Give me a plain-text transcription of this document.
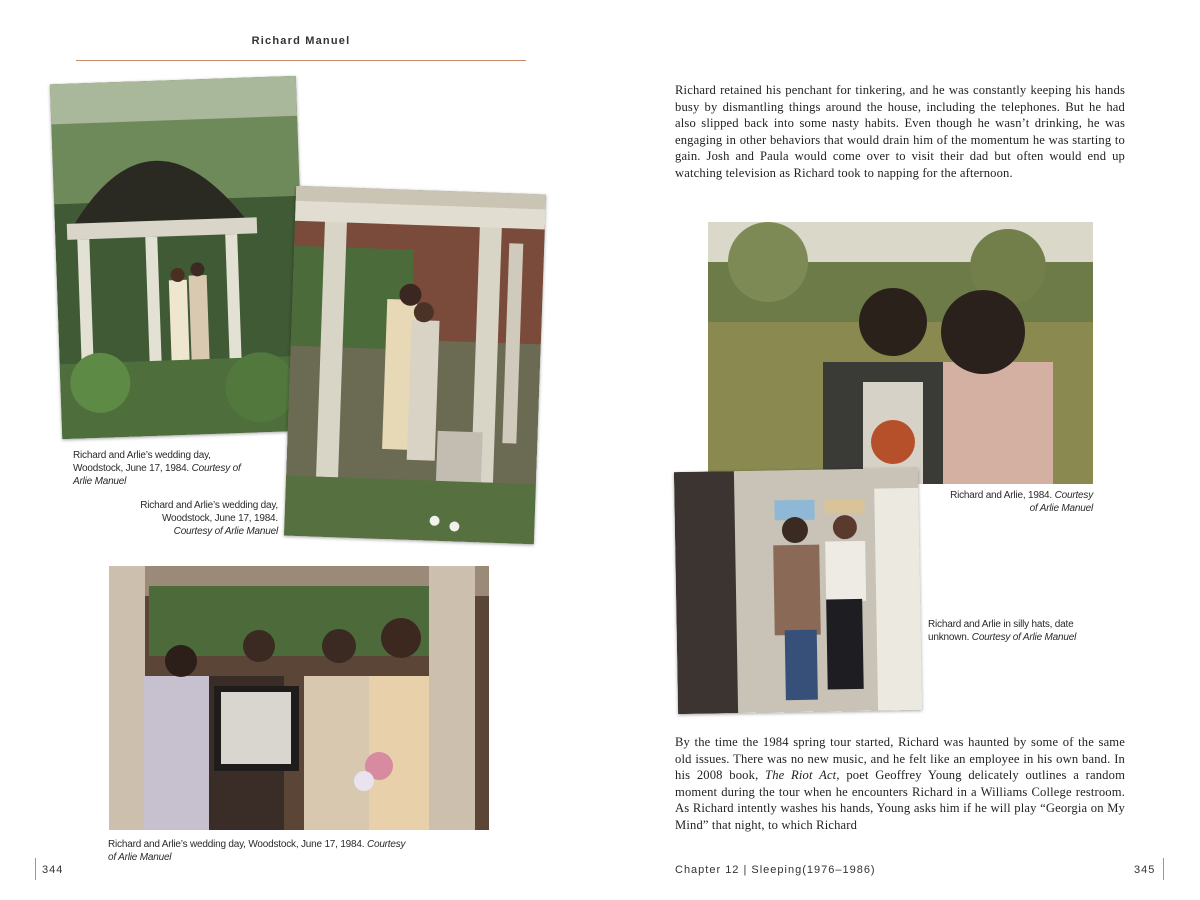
Richard Manuel
Richard and Arlie’s wedding day, Woodstock, June 17, 1984. Courtesy of Arlie Manuel
Richard and Arlie’s wedding day, Woodstock, June 17, 1984. Courtesy of Arlie Manuel
Richard and Arlie’s wedding day, Woodstock, June 17, 1984. Courtesy of Arlie Manuel
344
Richard retained his penchant for tinkering, and he was constantly keeping his hands busy by dismantling things around the house, including the telephones. But he had also slipped back into some nasty habits. Even though he wasn’t drinking, he was engaging in other behaviors that would drain him of the momentum he was starting to gain. Josh and Paula would come over to visit their dad but often would end up watching television as Richard took to napping for the afternoon.
Richard and Arlie, 1984. Courtesy of Arlie Manuel
Richard and Arlie in silly hats, date unknown. Courtesy of Arlie Manuel
By the time the 1984 spring tour started, Richard was haunted by some of the same old issues. There was no new music, and he felt like an employee in his own band. In his 2008 book, The Riot Act, poet Geoffrey Young delicately outlines a random moment during the tour when he encounters Richard in a Williams College restroom. As Richard intently washes his hands, Young asks him if he will play “Georgia on My Mind” that night, to which Richard
Chapter 12 | Sleeping(1976–1986)	345
